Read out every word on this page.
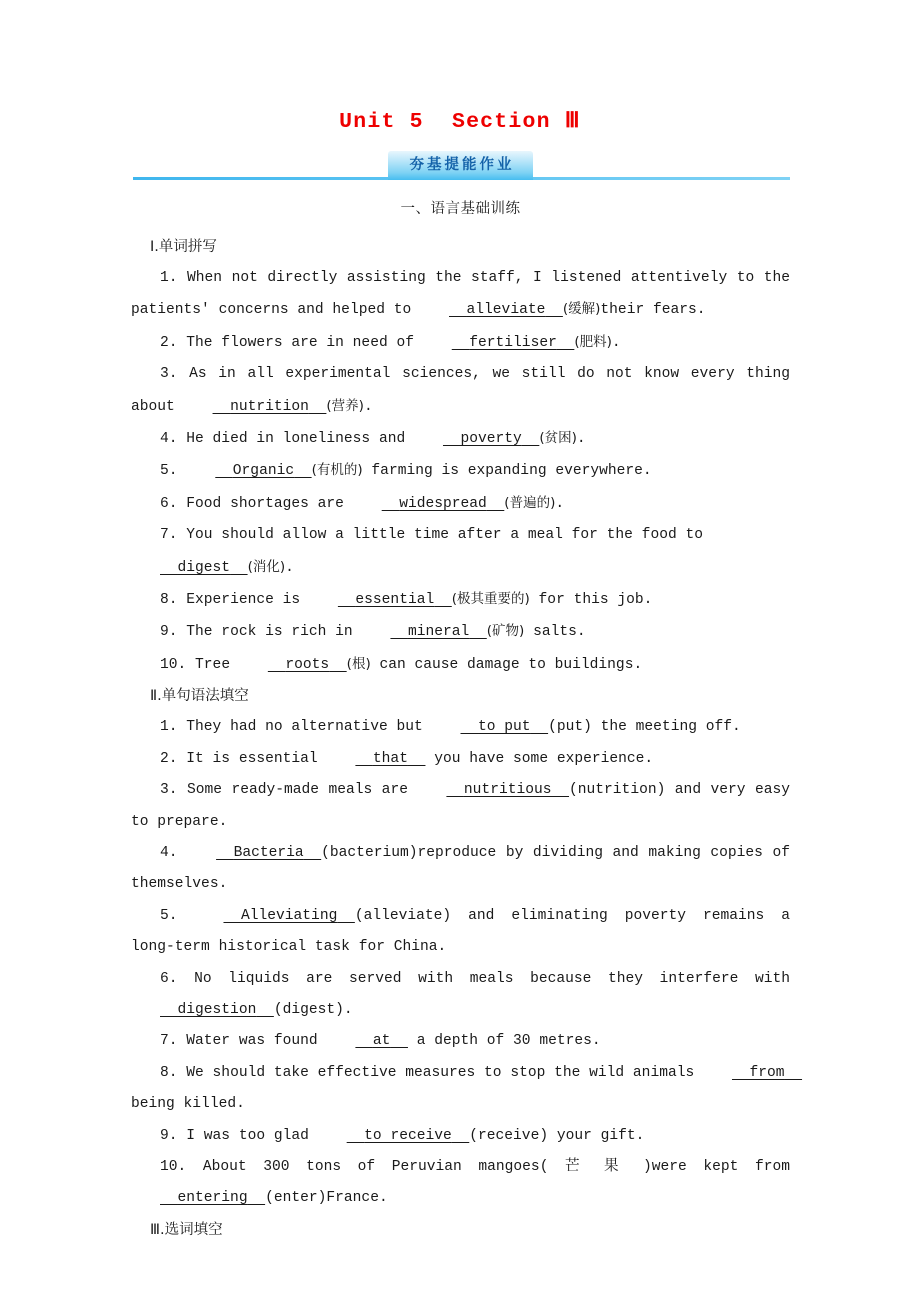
Unit 5  Section Ⅲ
夯基提能作业
一、语言基础训练
Ⅰ.单词拼写

1. When not directly assisting the staff, I listened attentively to the patients' concerns and helped to	alleviate (缓解)their fears.

2. The flowers are in need of	fertiliser (肥料).

3. As in all experimental sciences, we still do not know every thing about	nutrition (营养).

4. He died in loneliness and	poverty (贫困).

5.	Organic (有机的) farming is expanding everywhere.

6. Food shortages are	widespread (普遍的).

7. You should allow a little time after a meal for the food to   digest (消化).

8. Experience is	essential (极其重要的) for this job.

9. The rock is rich in	mineral (矿物) salts.

10. Tree	roots (根) can cause damage to buildings.

Ⅱ.单句语法填空

1. They had no alternative but	to put (put) the meeting off.

2. It is essential	that   you have some experience.

3. Some ready-made meals are	nutritious (nutrition) and very easy to prepare.

4.	Bacteria (bacterium)reproduce by dividing and making copies of themselves.

5.	Alleviating (alleviate) and eliminating poverty remains a long-term historical task for China.

6. No liquids are served with meals because they interfere with   digestion (digest).

7. Water was found	at   a depth of 30 metres.

8. We should take effective measures to stop the wild animals	from   being killed.

9. I was too glad	to receive (receive) your gift.

10. About 300 tons of Peruvian mangoes( 芒 果 )were kept from   entering (enter)France.

Ⅲ.选词填空
